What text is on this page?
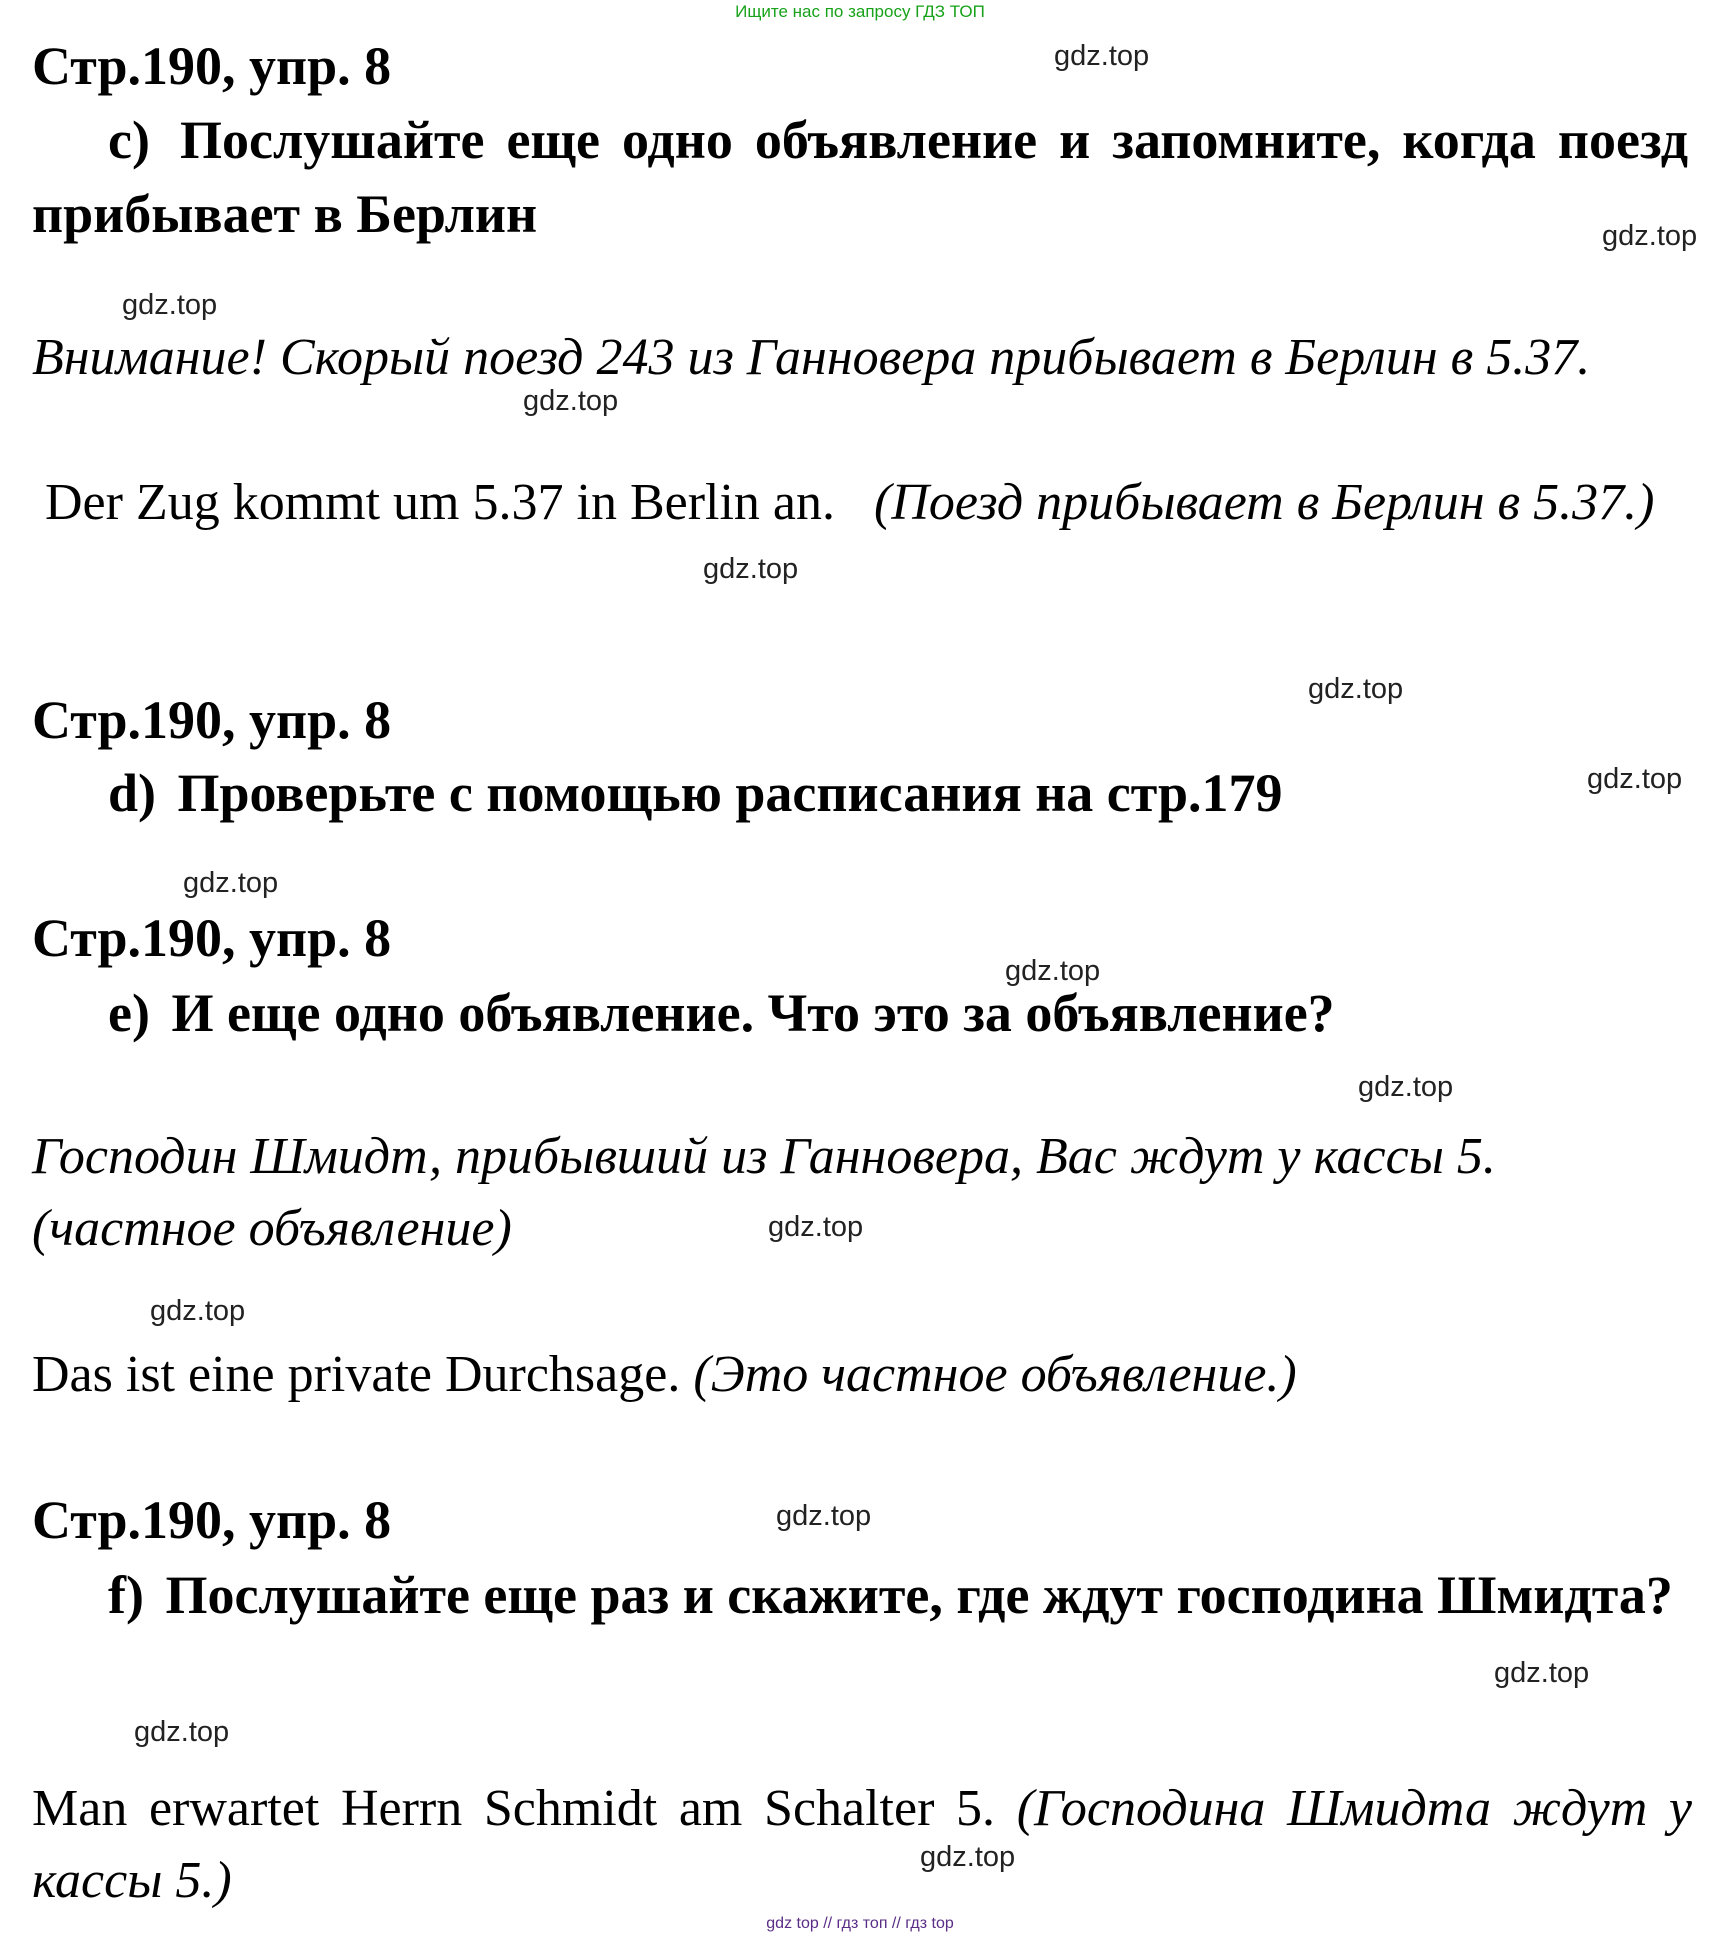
Ищите нас по запросу ГДЗ ТОП
Стр.190, упр. 8

c) Послушайте еще одно объявление и запомните, когда поезд прибывает в Берлин

Внимание! Скорый поезд 243 из Ганновера прибывает в Берлин в 5.37.

Der Zug kommt um 5.37 in Berlin an. (Поезд прибывает в Берлин в 5.37.)

Стр.190, упр. 8

d) Проверьте с помощью расписания на стр.179

Стр.190, упр. 8

e) И еще одно объявление. Что это за объявление?

Господин Шмидт, прибывший из Ганновера, Вас ждут у кассы 5.

(частное объявление)

Das ist eine private Durchsage. (Это частное объявление.)

Стр.190, упр. 8

f) Послушайте еще раз и скажите, где ждут господина Шмидта?

Man erwartet Herrn Schmidt am Schalter 5. (Господина Шмидта ждут у кассы 5.)

gdz.top
gdz.top
gdz.top
gdz.top
gdz.top
gdz.top
gdz.top
gdz.top
gdz.top
gdz.top
gdz.top
gdz.top
gdz.top
gdz.top
gdz.top
gdz.top
gdz top // гдз топ // гдз top
